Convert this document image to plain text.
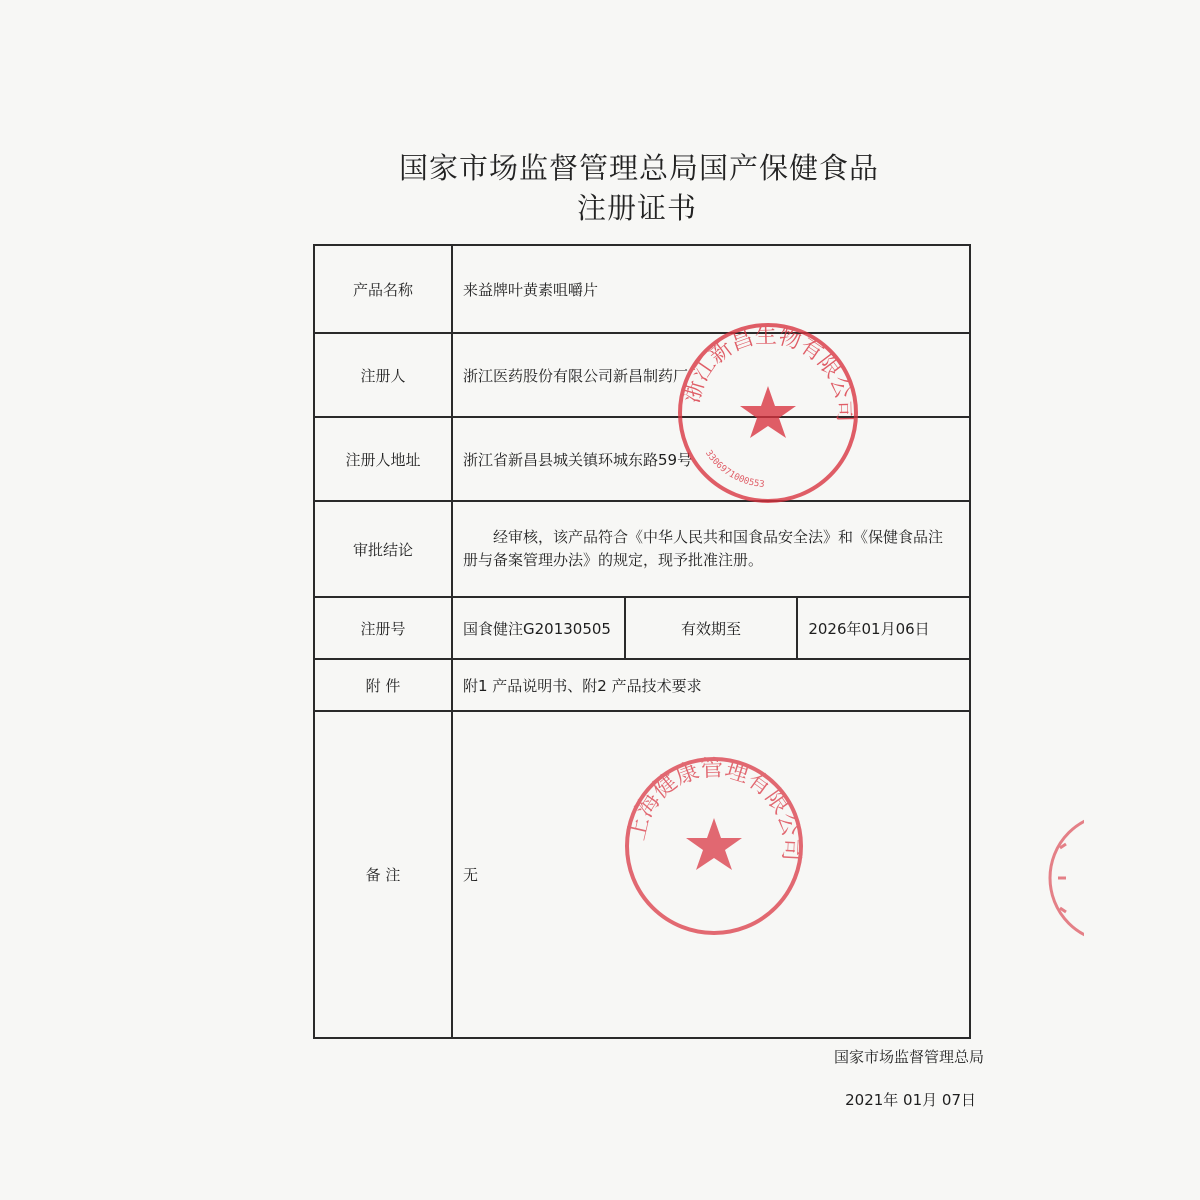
国家市场监督管理总局国产保健食品
注册证书
产品名称	来益牌叶黄素咀嚼片		
注册人	浙江医药股份有限公司新昌制药厂		
注册人地址	浙江省新昌县城关镇环城东路59号		
审批结论	经审核，该产品符合《中华人民共和国食品安全法》和《保健食品注册与备案管理办法》的规定，现予批准注册。		
注册号	国食健注G20130505	有效期至	2026年01月06日
附 件	附1 产品说明书、附2 产品技术要求		
备 注	无		
国家市场监督管理总局
2021年 01月 07日
浙江新昌生物有限公司
3306971000553
上海健康管理有限公司
